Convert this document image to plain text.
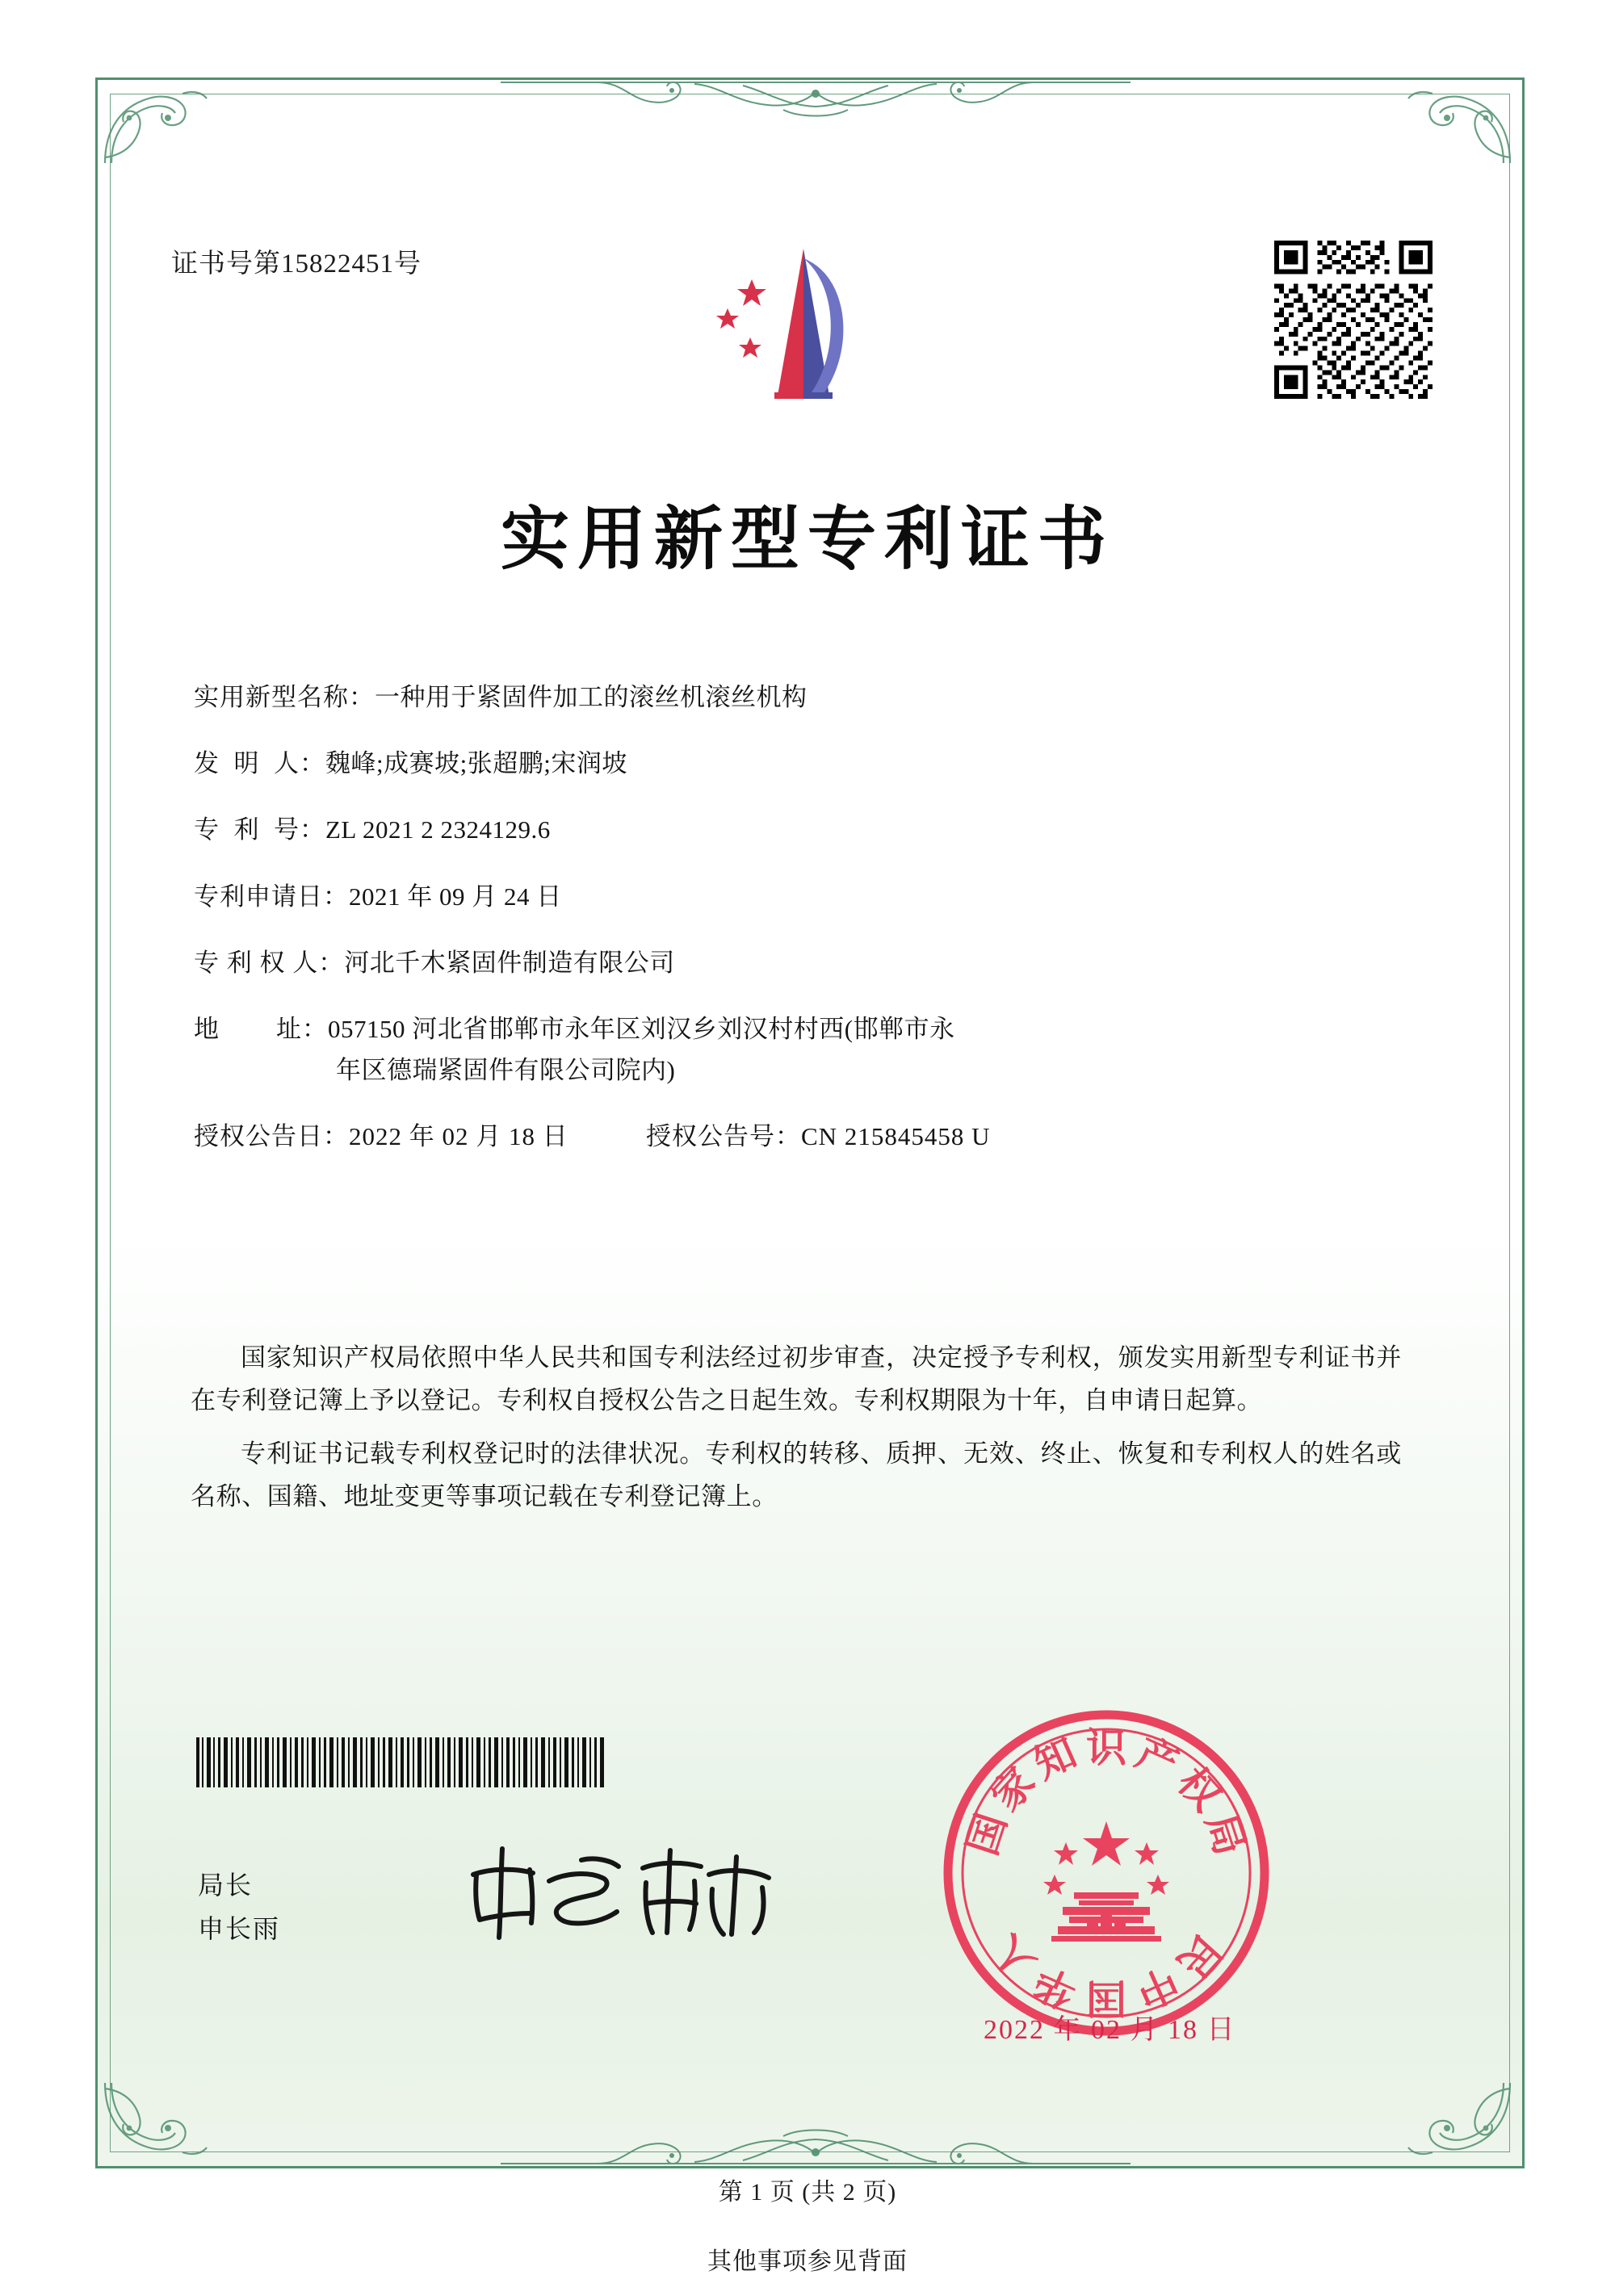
证书号第15822451号
实用新型专利证书
实用新型名称： 一种用于紧固件加工的滚丝机滚丝机构
发  明  人： 魏峰;成赛坡;张超鹏;宋润坡
专  利  号： ZL 2021 2 2324129.6
专利申请日： 2021 年 09 月 24 日
专 利 权 人： 河北千木紧固件制造有限公司
地        址： 057150 河北省邯郸市永年区刘汉乡刘汉村村西(邯郸市永
年区德瑞紧固件有限公司院内)
授权公告日：2022 年 02 月 18 日	授权公告号：CN 215845458 U

国家知识产权局依照中华人民共和国专利法经过初步审查，决定授予专利权，颁发实用新型专利证书并在专利登记簿上予以登记。专利权自授权公告之日起生效。专利权期限为十年，自申请日起算。

专利证书记载专利权登记时的法律状况。专利权的转移、质押、无效、终止、恢复和专利权人的姓名或名称、国籍、地址变更等事项记载在专利登记簿上。

局长
申长雨
国
家
知 识 产
权
局
国 中
华 民
人
2022 年 02 月 18 日
第 1 页 (共 2 页)
其他事项参见背面
